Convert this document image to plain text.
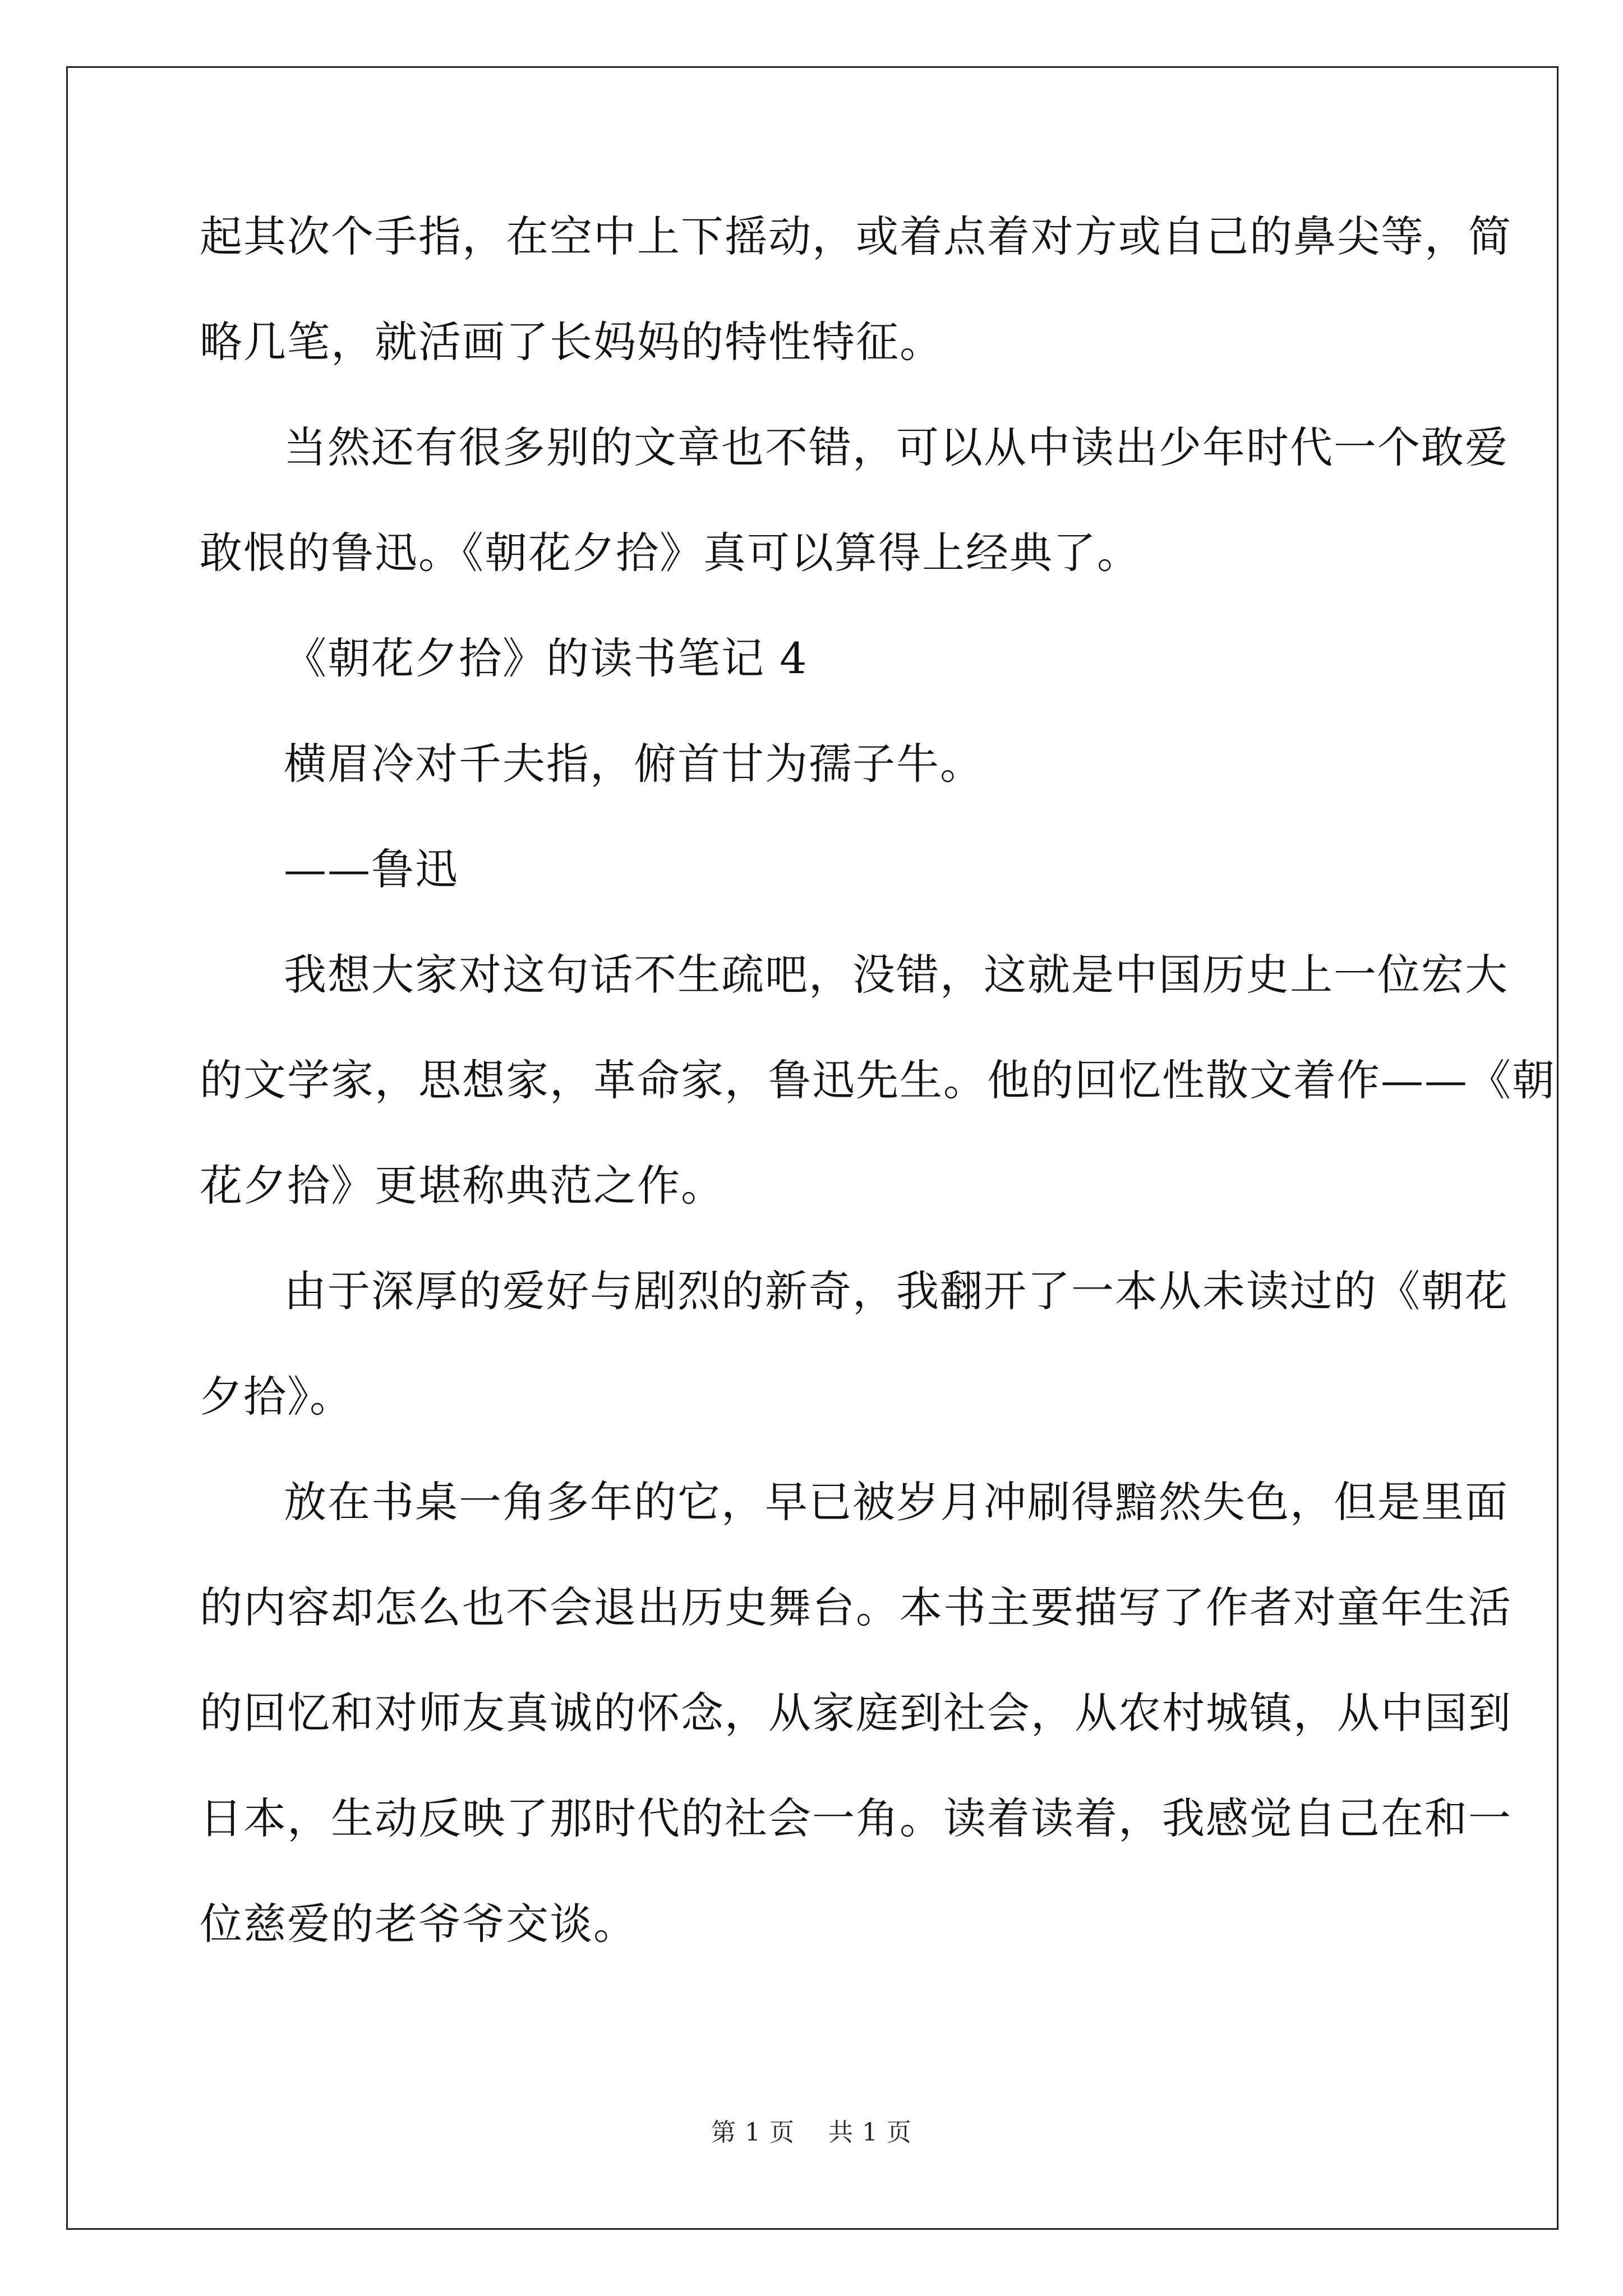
起其次个手指，在空中上下摇动，或着点着对方或自己的鼻尖等，简
略几笔，就活画了长妈妈的特性特征。
当然还有很多别的文章也不错，可以从中读出少年时代一个敢爱
敢恨的鲁迅。《朝花夕拾》真可以算得上经典了。
《朝花夕拾》的读书笔记 4
横眉冷对千夫指，俯首甘为孺子牛。
——鲁迅
我想大家对这句话不生疏吧，没错，这就是中国历史上一位宏大
的文学家，思想家，革命家，鲁迅先生。他的回忆性散文着作——《朝
花夕拾》更堪称典范之作。
由于深厚的爱好与剧烈的新奇，我翻开了一本从未读过的《朝花
夕拾》。
放在书桌一角多年的它，早已被岁月冲刷得黯然失色，但是里面
的内容却怎么也不会退出历史舞台。本书主要描写了作者对童年生活
的回忆和对师友真诚的怀念，从家庭到社会，从农村城镇，从中国到
日本，生动反映了那时代的社会一角。读着读着，我感觉自己在和一
位慈爱的老爷爷交谈。
第 1 页 共 1 页
